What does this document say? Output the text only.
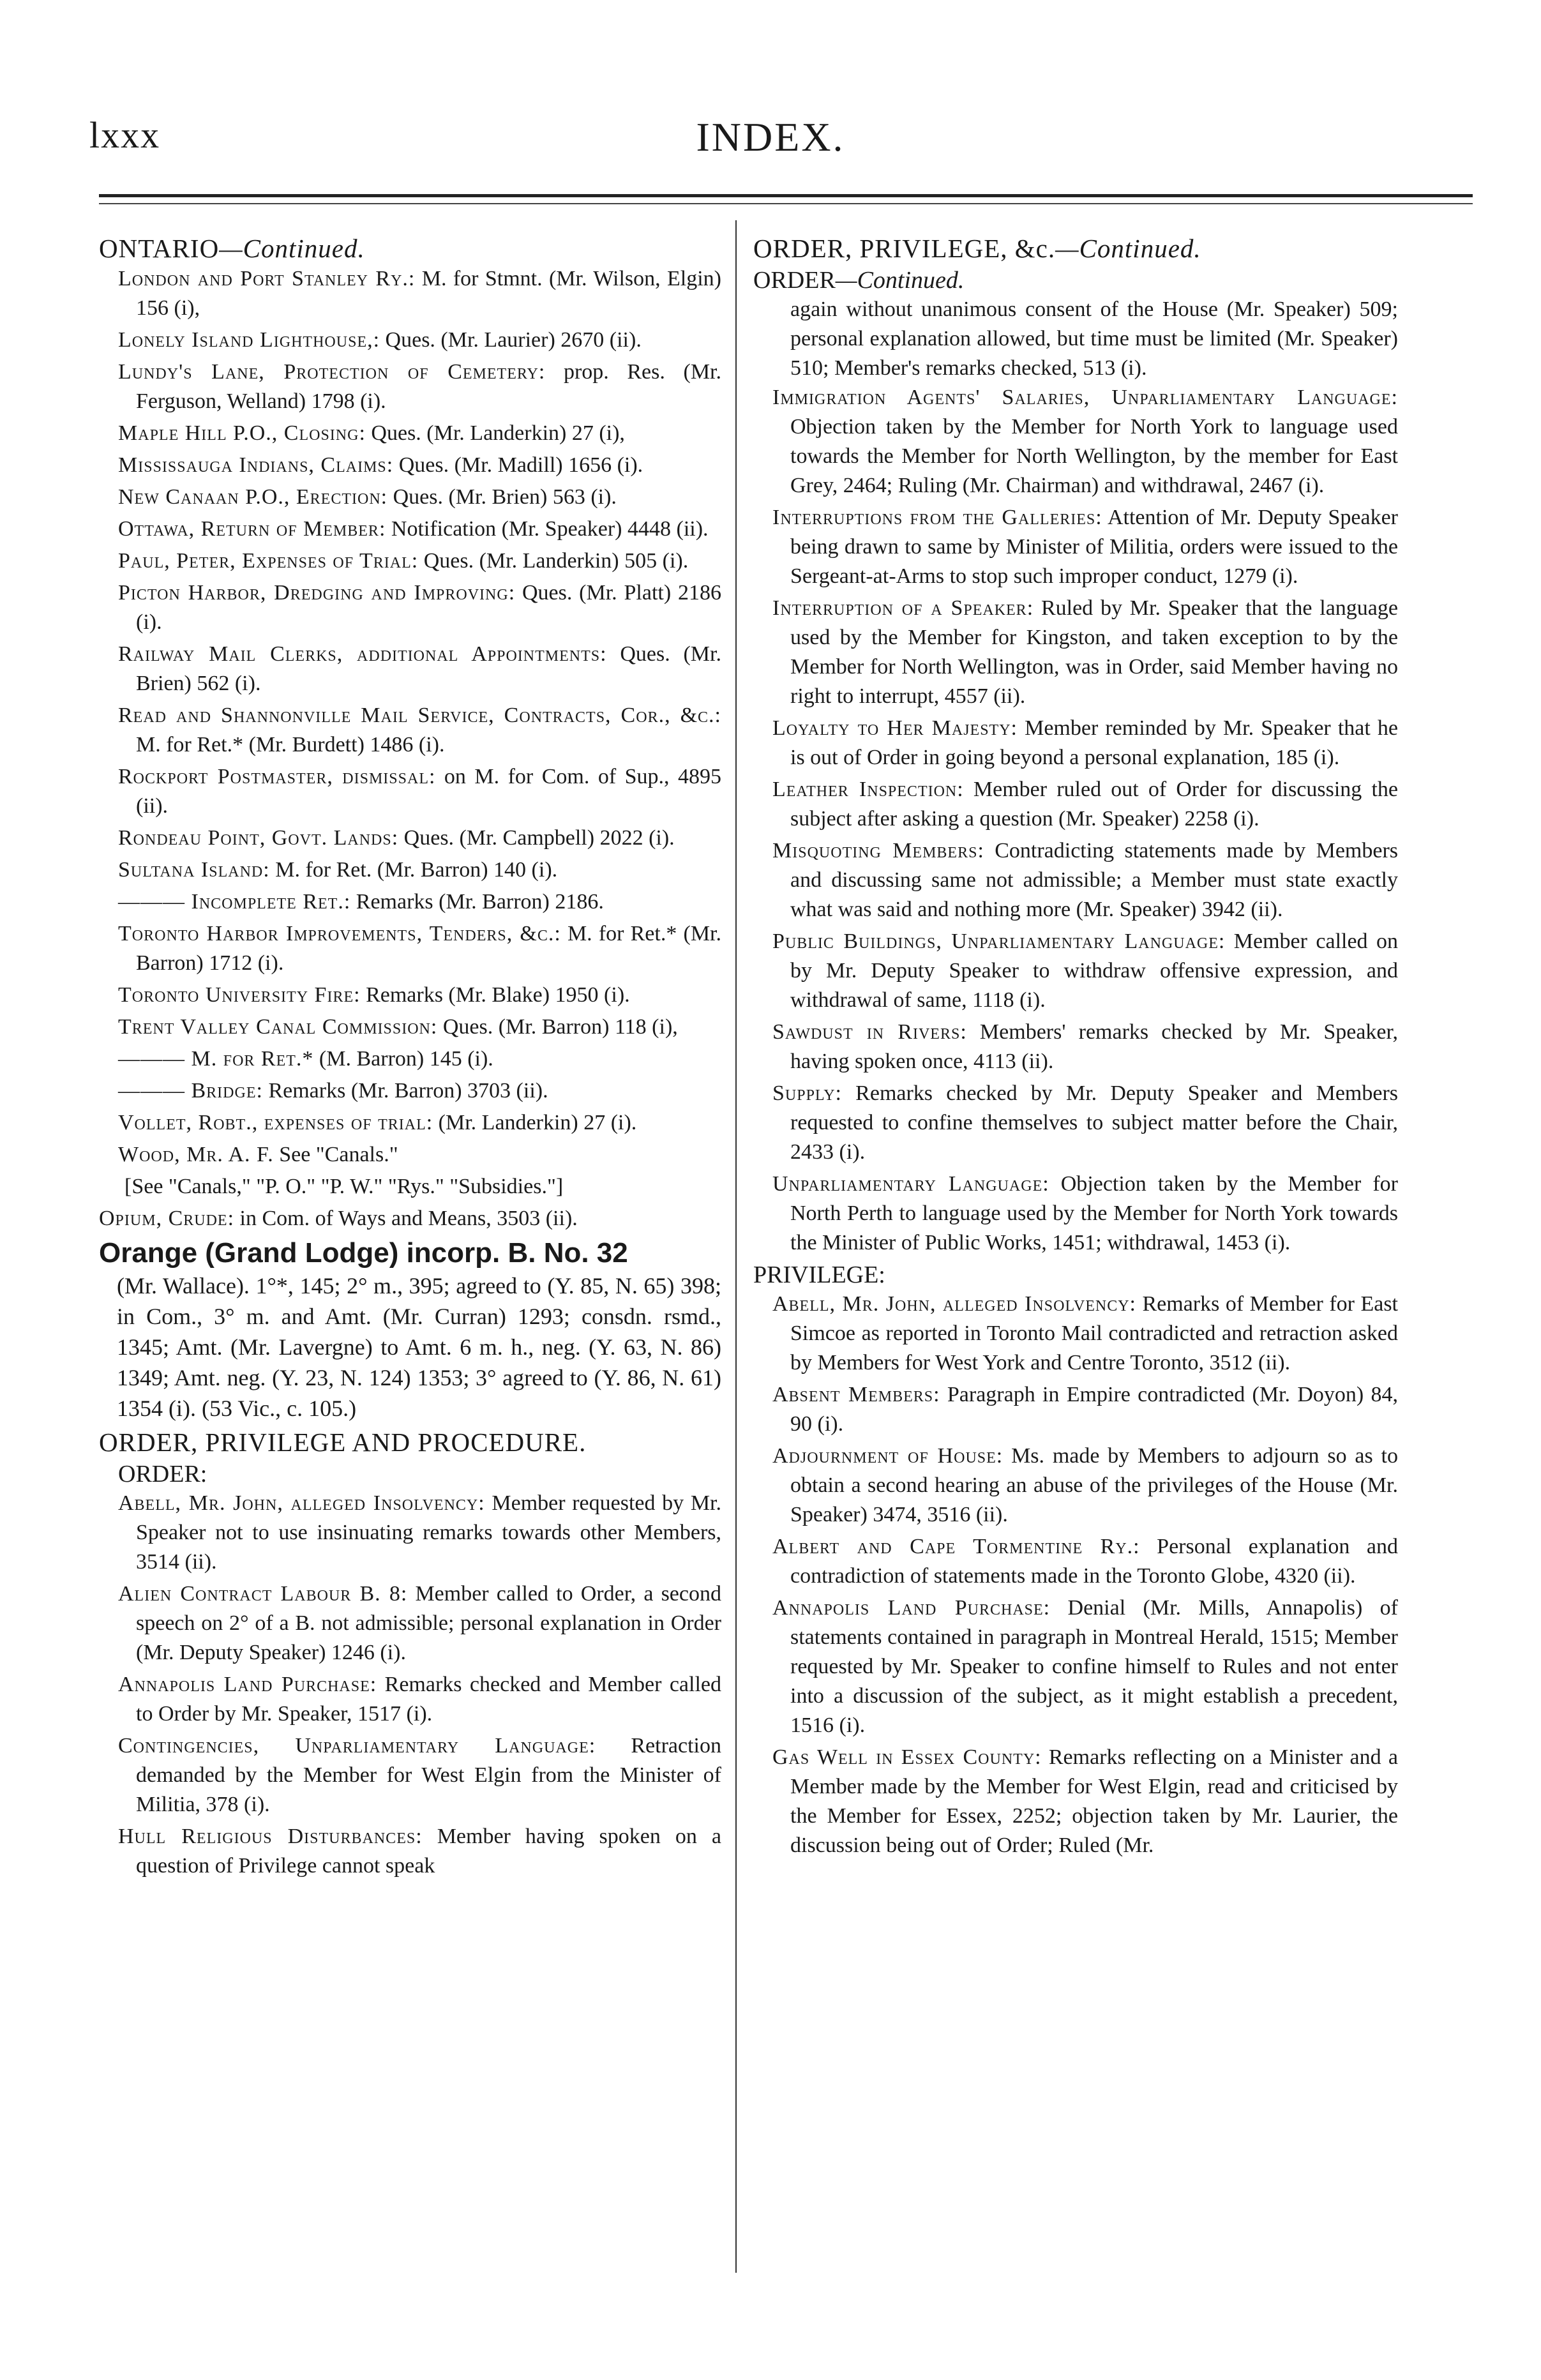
lxxx	INDEX.
ONTARIO—Continued.
London and Port Stanley Ry.: M. for Stmnt. (Mr. Wilson, Elgin) 156 (i),
Lonely Island Lighthouse,: Ques. (Mr. Laurier) 2670 (ii).
Lundy's Lane, Protection of Cemetery: prop. Res. (Mr. Ferguson, Welland) 1798 (i).
Maple Hill P.O., Closing: Ques. (Mr. Landerkin) 27 (i),
Mississauga Indians, Claims: Ques. (Mr. Madill) 1656 (i).
New Canaan P.O., Erection: Ques. (Mr. Brien) 563 (i).
Ottawa, Return of Member: Notification (Mr. Speaker) 4448 (ii).
Paul, Peter, Expenses of Trial: Ques. (Mr. Landerkin) 505 (i).
Picton Harbor, Dredging and Improving: Ques. (Mr. Platt) 2186 (i).
Railway Mail Clerks, additional Appointments: Ques. (Mr. Brien) 562 (i).
Read and Shannonville Mail Service, Contracts, Cor., &c.: M. for Ret.* (Mr. Burdett) 1486 (i).
Rockport Postmaster, dismissal: on M. for Com. of Sup., 4895 (ii).
Rondeau Point, Govt. Lands: Ques. (Mr. Campbell) 2022 (i).
Sultana Island: M. for Ret. (Mr. Barron) 140 (i).
——— Incomplete Ret.: Remarks (Mr. Barron) 2186.
Toronto Harbor Improvements, Tenders, &c.: M. for Ret.* (Mr. Barron) 1712 (i).
Toronto University Fire: Remarks (Mr. Blake) 1950 (i).
Trent Valley Canal Commission: Ques. (Mr. Barron) 118 (i),
——— M. for Ret.* (M. Barron) 145 (i).
——— Bridge: Remarks (Mr. Barron) 3703 (ii).
Vollet, Robt., expenses of trial: (Mr. Landerkin) 27 (i).
Wood, Mr. A. F. See "Canals."
[See "Canals," "P. O." "P. W." "Rys." "Subsidies."]
Opium, Crude: in Com. of Ways and Means, 3503 (ii).
Orange (Grand Lodge) incorp. B. No. 32
(Mr. Wallace). 1°*, 145; 2° m., 395; agreed to (Y. 85, N. 65) 398; in Com., 3° m. and Amt. (Mr. Curran) 1293; consdn. rsmd., 1345; Amt. (Mr. Lavergne) to Amt. 6 m. h., neg. (Y. 63, N. 86) 1349; Amt. neg. (Y. 23, N. 124) 1353; 3° agreed to (Y. 86, N. 61) 1354 (i). (53 Vic., c. 105.)
ORDER, PRIVILEGE AND PROCEDURE.
ORDER:
Abell, Mr. John, alleged Insolvency: Member requested by Mr. Speaker not to use insinuating remarks towards other Members, 3514 (ii).
Alien Contract Labour B. 8: Member called to Order, a second speech on 2° of a B. not admissible; personal explanation in Order (Mr. Deputy Speaker) 1246 (i).
Annapolis Land Purchase: Remarks checked and Member called to Order by Mr. Speaker, 1517 (i).
Contingencies, Unparliamentary Language: Retraction demanded by the Member for West Elgin from the Minister of Militia, 378 (i).
Hull Religious Disturbances: Member having spoken on a question of Privilege cannot speak
ORDER, PRIVILEGE, &c.—Continued.
ORDER—Continued.
again without unanimous consent of the House (Mr. Speaker) 509; personal explanation allowed, but time must be limited (Mr. Speaker) 510; Member's remarks checked, 513 (i).
Immigration Agents' Salaries, Unparliamentary Language: Objection taken by the Member for North York to language used towards the Member for North Wellington, by the member for East Grey, 2464; Ruling (Mr. Chairman) and withdrawal, 2467 (i).
Interruptions from the Galleries: Attention of Mr. Deputy Speaker being drawn to same by Minister of Militia, orders were issued to the Sergeant-at-Arms to stop such improper conduct, 1279 (i).
Interruption of a Speaker: Ruled by Mr. Speaker that the language used by the Member for Kingston, and taken exception to by the Member for North Wellington, was in Order, said Member having no right to interrupt, 4557 (ii).
Loyalty to Her Majesty: Member reminded by Mr. Speaker that he is out of Order in going beyond a personal explanation, 185 (i).
Leather Inspection: Member ruled out of Order for discussing the subject after asking a question (Mr. Speaker) 2258 (i).
Misquoting Members: Contradicting statements made by Members and discussing same not admissible; a Member must state exactly what was said and nothing more (Mr. Speaker) 3942 (ii).
Public Buildings, Unparliamentary Language: Member called on by Mr. Deputy Speaker to withdraw offensive expression, and withdrawal of same, 1118 (i).
Sawdust in Rivers: Members' remarks checked by Mr. Speaker, having spoken once, 4113 (ii).
Supply: Remarks checked by Mr. Deputy Speaker and Members requested to confine themselves to subject matter before the Chair, 2433 (i).
Unparliamentary Language: Objection taken by the Member for North Perth to language used by the Member for North York towards the Minister of Public Works, 1451; withdrawal, 1453 (i).
PRIVILEGE:
Abell, Mr. John, alleged Insolvency: Remarks of Member for East Simcoe as reported in Toronto Mail contradicted and retraction asked by Members for West York and Centre Toronto, 3512 (ii).
Absent Members: Paragraph in Empire contradicted (Mr. Doyon) 84, 90 (i).
Adjournment of House: Ms. made by Members to adjourn so as to obtain a second hearing an abuse of the privileges of the House (Mr. Speaker) 3474, 3516 (ii).
Albert and Cape Tormentine Ry.: Personal explanation and contradiction of statements made in the Toronto Globe, 4320 (ii).
Annapolis Land Purchase: Denial (Mr. Mills, Annapolis) of statements contained in paragraph in Montreal Herald, 1515; Member requested by Mr. Speaker to confine himself to Rules and not enter into a discussion of the subject, as it might establish a precedent, 1516 (i).
Gas Well in Essex County: Remarks reflecting on a Minister and a Member made by the Member for West Elgin, read and criticised by the Member for Essex, 2252; objection taken by Mr. Laurier, the discussion being out of Order; Ruled (Mr.
